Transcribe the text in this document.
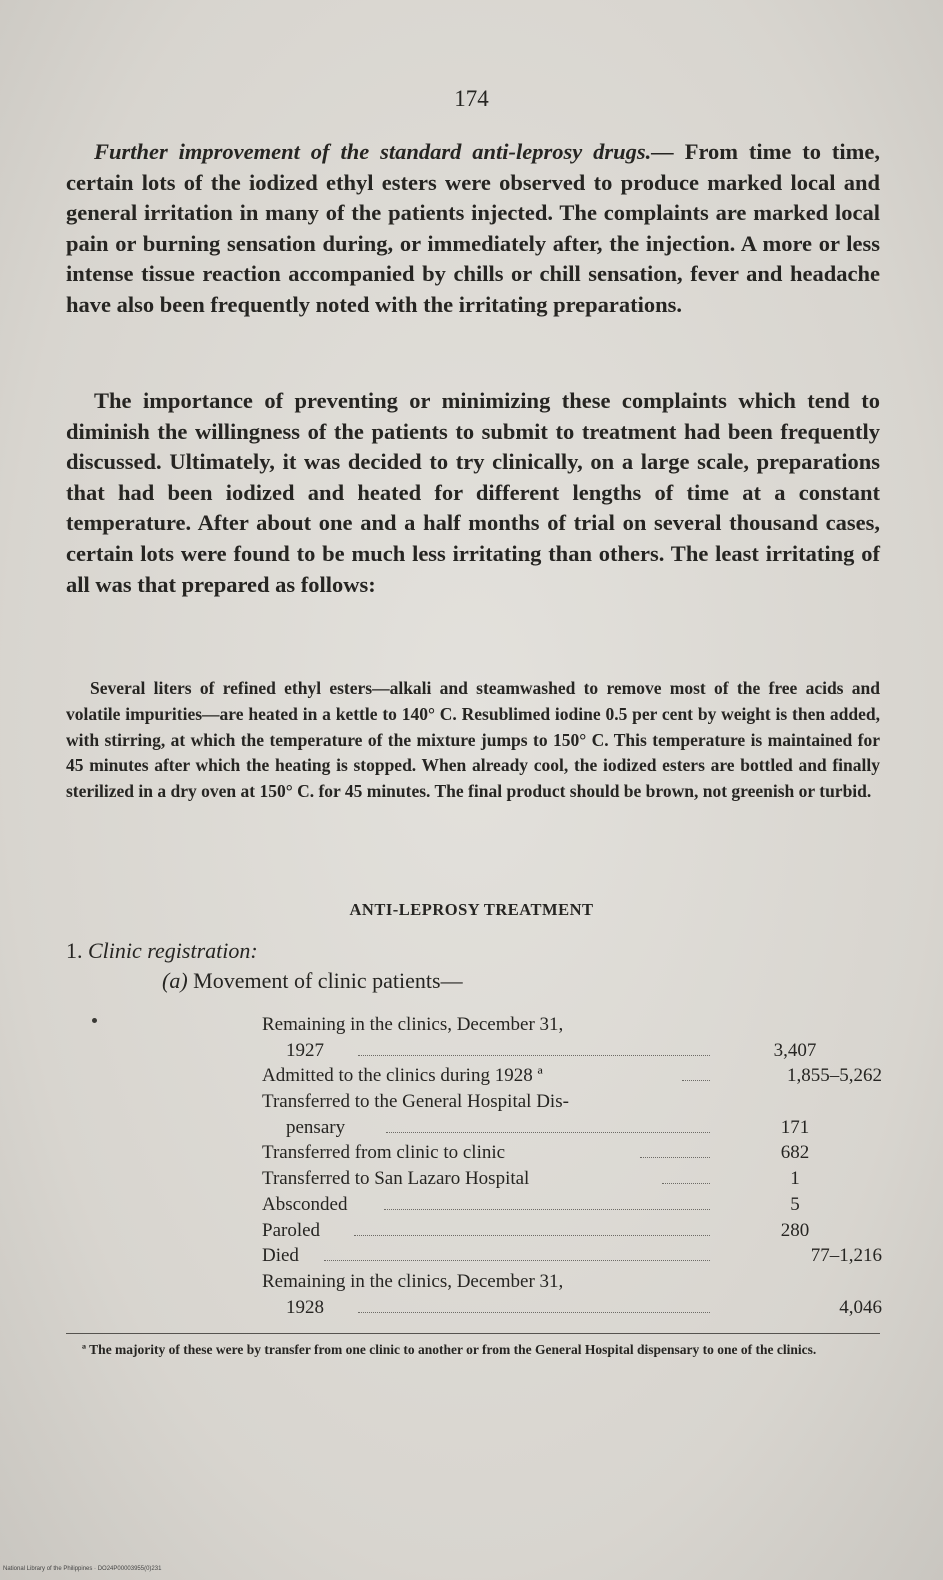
174
Further improvement of the standard anti-leprosy drugs.— From time to time, certain lots of the iodized ethyl esters were observed to produce marked local and general irritation in many of the patients injected. The complaints are marked local pain or burning sensation during, or immediately after, the injection. A more or less intense tissue reaction accompanied by chills or chill sensation, fever and headache have also been frequently noted with the irritating preparations.
The importance of preventing or minimizing these complaints which tend to diminish the willingness of the patients to submit to treatment had been frequently discussed. Ultimately, it was decided to try clinically, on a large scale, preparations that had been iodized and heated for different lengths of time at a constant temperature. After about one and a half months of trial on several thousand cases, certain lots were found to be much less irritating than others. The least irritating of all was that prepared as follows:
Several liters of refined ethyl esters—alkali and steamwashed to remove most of the free acids and volatile impurities—are heated in a kettle to 140° C. Resublimed iodine 0.5 per cent by weight is then added, with stirring, at which the temperature of the mixture jumps to 150° C. This temperature is maintained for 45 minutes after which the heating is stopped. When already cool, the iodized esters are bottled and finally sterilized in a dry oven at 150° C. for 45 minutes. The final product should be brown, not greenish or turbid.
ANTI-LEPROSY TREATMENT
1. Clinic registration:
(a) Movement of clinic patients—
Remaining in the clinics, December 31,
1927	3,407
Admitted to the clinics during 1928 ª	1,855–5,262
Transferred to the General Hospital Dis-
pensary	171
Transferred from clinic to clinic	682
Transferred to San Lazaro Hospital	1
Absconded	5
Paroled	280
Died	77–1,216
Remaining in the clinics, December 31,
1928	4,046
ª The majority of these were by transfer from one clinic to another or from the General Hospital dispensary to one of the clinics.
National Library of the Philippines · DO24P00003955(0)231
